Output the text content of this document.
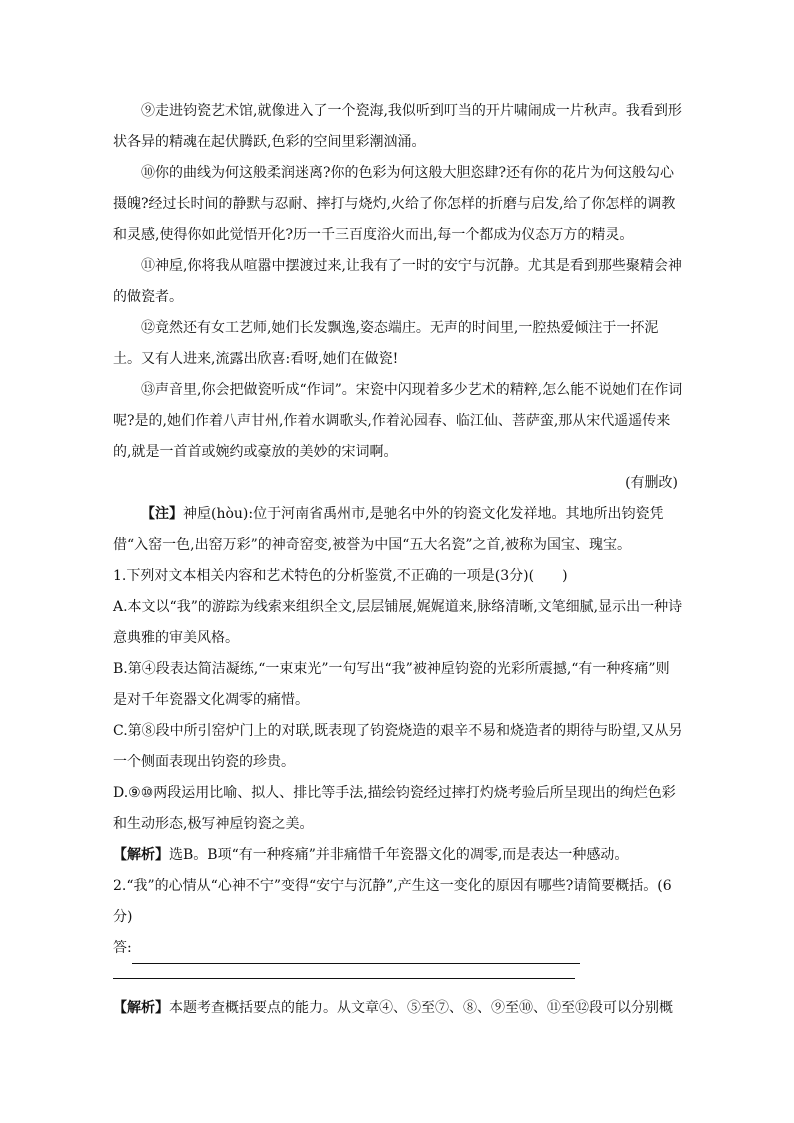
⑨走进钧瓷艺术馆,就像进入了一个瓷海,我似听到叮当的开片啸闹成一片秋声。我看到形状各异的精魂在起伏腾跃,色彩的空间里彩潮汹涌。

⑩你的曲线为何这般柔润迷离?你的色彩为何这般大胆恣肆?还有你的花片为何这般勾心摄魄?经过长时间的静默与忍耐、摔打与烧灼,火给了你怎样的折磨与启发,给了你怎样的调教和灵感,使得你如此觉悟开化?历一千三百度浴火而出,每一个都成为仪态万方的精灵。

⑪神垕,你将我从喧嚣中摆渡过来,让我有了一时的安宁与沉静。尤其是看到那些聚精会神的做瓷者。

⑫竟然还有女工艺师,她们长发飘逸,姿态端庄。无声的时间里,一腔热爱倾注于一抔泥土。又有人进来,流露出欣喜:看呀,她们在做瓷!

⑬声音里,你会把做瓷听成“作词”。宋瓷中闪现着多少艺术的精粹,怎么能不说她们在作词呢?是的,她们作着八声甘州,作着水调歌头,作着沁园春、临江仙、菩萨蛮,那从宋代遥遥传来的,就是一首首或婉约或豪放的美妙的宋词啊。

(有删改)

【注】神垕(hòu):位于河南省禹州市,是驰名中外的钧瓷文化发祥地。其地所出钧瓷凭借“入窑一色,出窑万彩”的神奇窑变,被誉为中国“五大名瓷”之首,被称为国宝、瑰宝。

1.下列对文本相关内容和艺术特色的分析鉴赏,不正确的一项是(3分)(　　)

A.本文以“我”的游踪为线索来组织全文,层层铺展,娓娓道来,脉络清晰,文笔细腻,显示出一种诗意典雅的审美风格。

B.第④段表达简洁凝练,“一束束光”一句写出“我”被神垕钧瓷的光彩所震撼,“有一种疼痛”则是对千年瓷器文化凋零的痛惜。

C.第⑧段中所引窑炉门上的对联,既表现了钧瓷烧造的艰辛不易和烧造者的期待与盼望,又从另一个侧面表现出钧瓷的珍贵。

D.⑨⑩两段运用比喻、拟人、排比等手法,描绘钧瓷经过摔打灼烧考验后所呈现出的绚烂色彩和生动形态,极写神垕钧瓷之美。

【解析】选B。B项“有一种疼痛”并非痛惜千年瓷器文化的凋零,而是表达一种感动。

2.“我”的心情从“心神不宁”变得“安宁与沉静”,产生这一变化的原因有哪些?请简要概括。(6分)

答:

【解析】本题考查概括要点的能力。从文章④、⑤至⑦、⑧、⑨至⑩、⑪至⑫段可以分别概
